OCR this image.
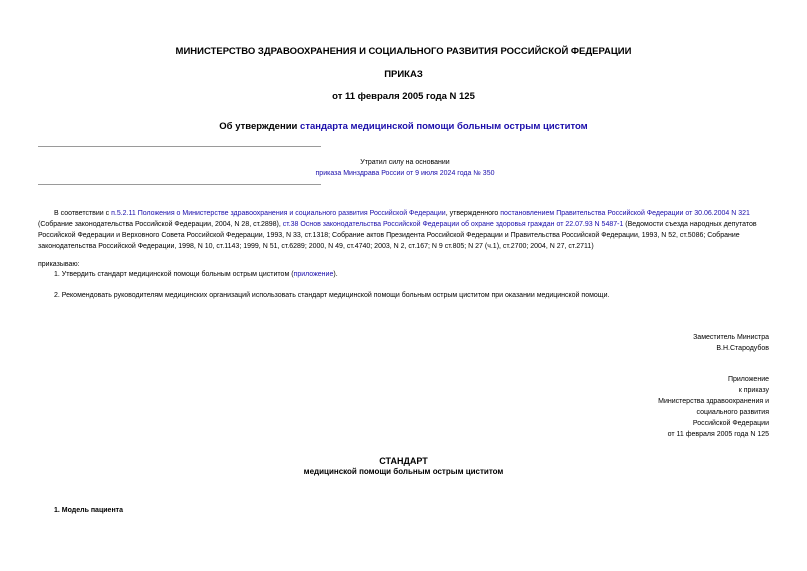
МИНИСТЕРСТВО ЗДРАВООХРАНЕНИЯ И СОЦИАЛЬНОГО РАЗВИТИЯ РОССИЙСКОЙ ФЕДЕРАЦИИ
ПРИКАЗ
от 11 февраля 2005 года N 125
Об утверждении стандарта медицинской помощи больным острым циститом
Утратил силу на основании
приказа Минздрава России от 9 июля 2024 года № 350

В соответствии с п.5.2.11 Положения о Министерстве здравоохранения и социального развития Российской Федерации, утвержденного постановлением Правительства Российской Федерации от 30.06.2004 N 321 (Собрание законодательства Российской Федерации, 2004, N 28, ст.2898), ст.38 Основ законодательства Российской Федерации об охране здоровья граждан от 22.07.93 N 5487-1 (Ведомости съезда народных депутатов Российской Федерации и Верховного Совета Российской Федерации, 1993, N 33, ст.1318; Собрание актов Президента Российской Федерации и Правительства Российской Федерации, 1993, N 52, ст.5086; Собрание законодательства Российской Федерации, 1998, N 10, ст.1143; 1999, N 51, ст.6289; 2000, N 49, ст.4740; 2003, N 2, ст.167; N 9 ст.805; N 27 (ч.1), ст.2700; 2004, N 27, ст.2711)

приказываю:
1. Утвердить стандарт медицинской помощи больным острым циститом (приложение).
2. Рекомендовать руководителям медицинских организаций использовать стандарт медицинской помощи больным острым циститом при оказании медицинской помощи.
Заместитель Министра
В.Н.Стародубов
Приложение
к приказу
Министерства здравоохранения и
социального развития
Российской Федерации
от 11 февраля 2005 года N 125
СТАНДАРТ
медицинской помощи больным острым циститом
1. Модель пациента
